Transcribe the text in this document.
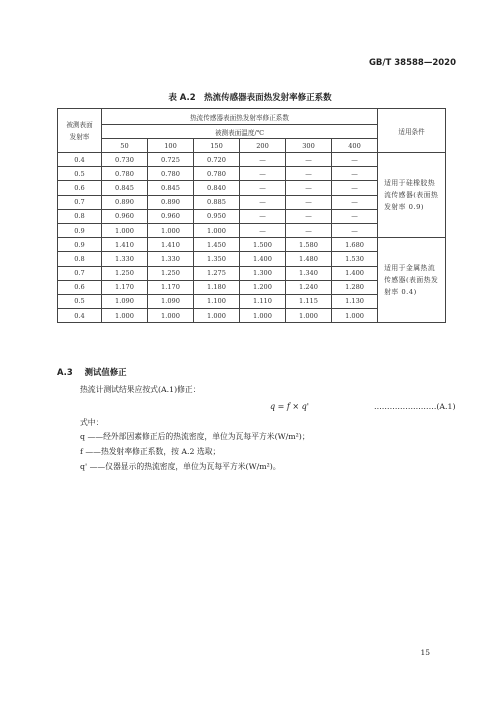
GB/T 38588—2020
表 A.2　热流传感器表面热发射率修正系数
被测表面发射率	热流传感器表面热发射率修正系数						适用条件
	被测表面温度/℃						
	50	100	150	200	300	400	
0.4	0.730	0.725	0.720	—	—	—	适用于硅橡胶热流传感器(表面热发射率 0.9)
0.5	0.780	0.780	0.780	—	—	—	
0.6	0.845	0.845	0.840	—	—	—	
0.7	0.890	0.890	0.885	—	—	—	
0.8	0.960	0.960	0.950	—	—	—	
0.9	1.000	1.000	1.000	—	—	—	
0.9	1.410	1.410	1.450	1.500	1.580	1.680	适用于金属热流传感器(表面热发射率 0.4)
0.8	1.330	1.330	1.350	1.400	1.480	1.530	
0.7	1.250	1.250	1.275	1.300	1.340	1.400	
0.6	1.170	1.170	1.180	1.200	1.240	1.280	
0.5	1.090	1.090	1.100	1.110	1.115	1.130	
0.4	1.000	1.000	1.000	1.000	1.000	1.000	
A.3 测试值修正
热流计测试结果应按式(A.1)修正：
q = f × q'	……………………(A.1)
式中：
q ——经外部因素修正后的热流密度，单位为瓦每平方米(W/m²)；
f ——热发射率修正系数，按 A.2 选取；
q' ——仪器显示的热流密度，单位为瓦每平方米(W/m²)。
15
